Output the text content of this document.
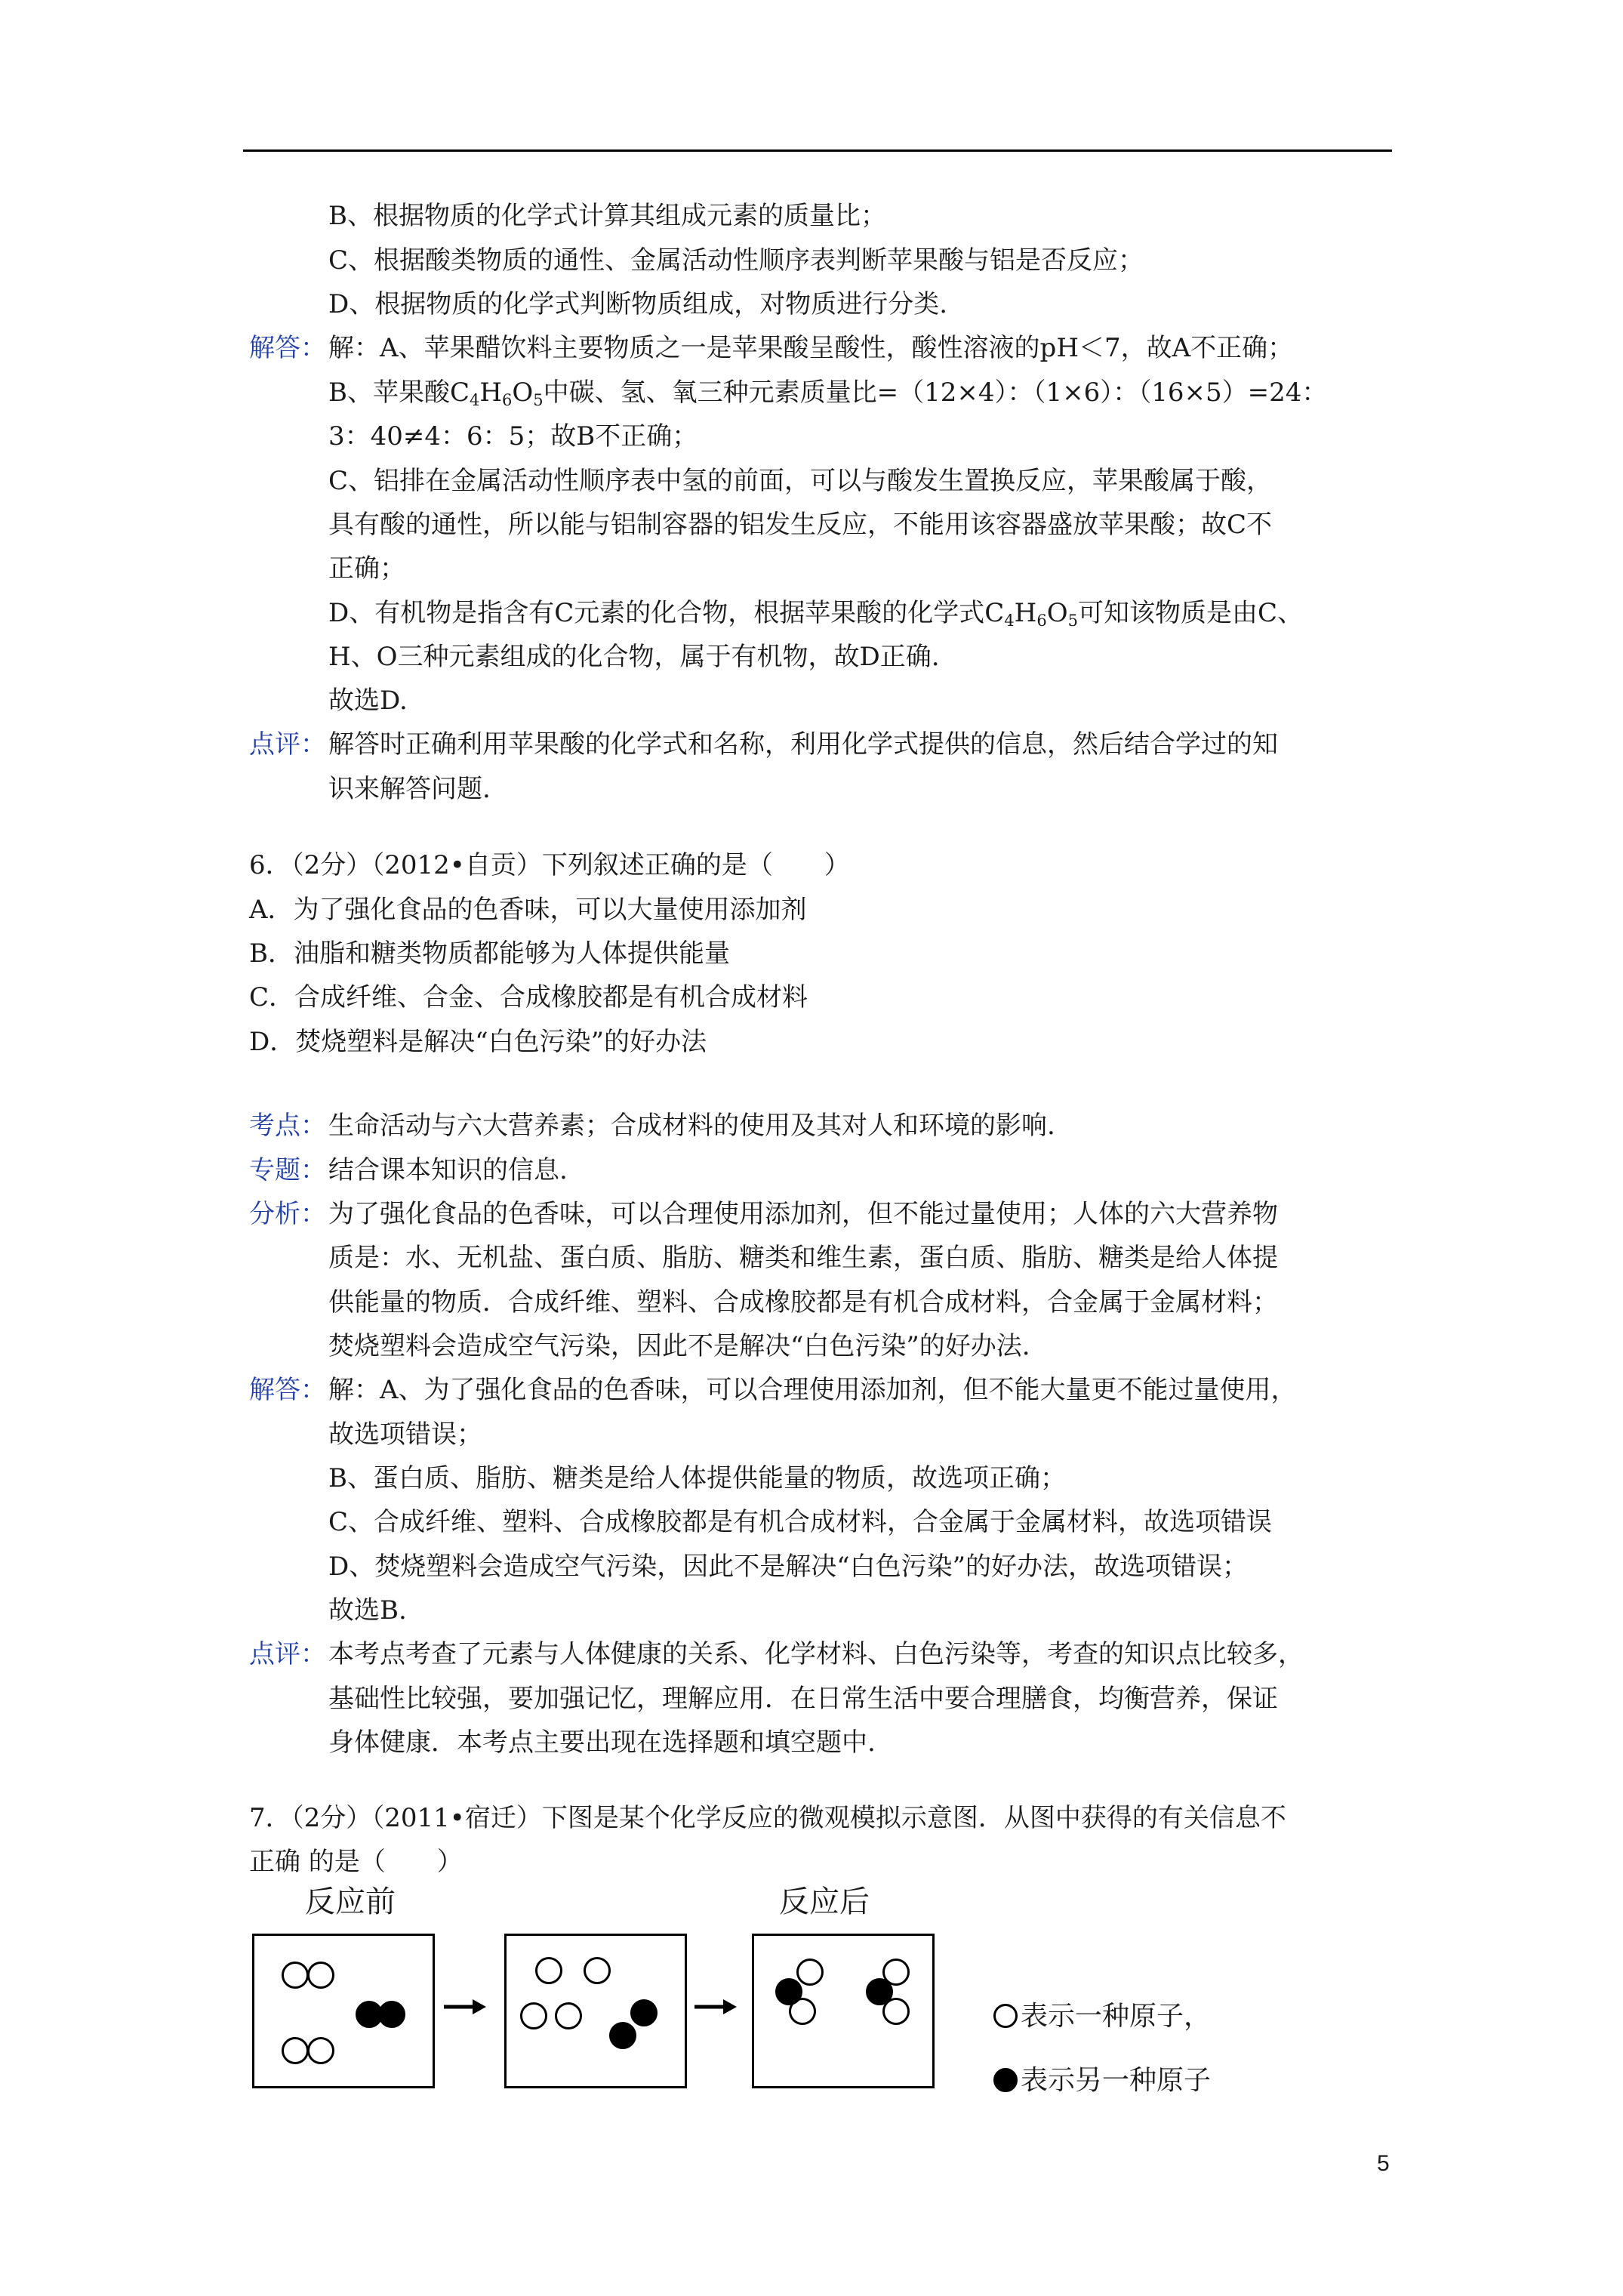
B、根据物质的化学式计算其组成元素的质量比；
C、根据酸类物质的通性、金属活动性顺序表判断苹果酸与铝是否反应；
D、根据物质的化学式判断物质组成，对物质进行分类.
解答： 解：A、苹果醋饮料主要物质之一是苹果酸呈酸性，酸性溶液的pH＜7，故A不正确；
B、苹果酸$C_4H_6O_5$中碳、氢、氧三种元素质量比=（12×4）：（1×6）：（16×5）=24：
3：40≠4：6：5；故B不正确；
C、铝排在金属活动性顺序表中氢的前面，可以与酸发生置换反应，苹果酸属于酸，
具有酸的通性，所以能与铝制容器的铝发生反应，不能用该容器盛放苹果酸；故C不
正确；
D、有机物是指含有C元素的化合物，根据苹果酸的化学式$C_4H_6O_5$可知该物质是由C、
H、O三种元素组成的化合物，属于有机物，故D正确.
故选D.
点评： 解答时正确利用苹果酸的化学式和名称，利用化学式提供的信息，然后结合学过的知
识来解答问题.
6．（2分）（2012•自贡）下列叙述正确的是（　　）
A．为了强化食品的色香味，可以大量使用添加剂
B．油脂和糖类物质都能够为人体提供能量
C．合成纤维、合金、合成橡胶都是有机合成材料
D．焚烧塑料是解决“白色污染”的好办法
考点： 生命活动与六大营养素；合成材料的使用及其对人和环境的影响.
专题： 结合课本知识的信息.
分析： 为了强化食品的色香味，可以合理使用添加剂，但不能过量使用；人体的六大营养物
质是：水、无机盐、蛋白质、脂肪、糖类和维生素，蛋白质、脂肪、糖类是给人体提
供能量的物质．合成纤维、塑料、合成橡胶都是有机合成材料，合金属于金属材料；
焚烧塑料会造成空气污染，因此不是解决“白色污染”的好办法.
解答： 解：A、为了强化食品的色香味，可以合理使用添加剂，但不能大量更不能过量使用，
故选项错误；
B、蛋白质、脂肪、糖类是给人体提供能量的物质，故选项正确；
C、合成纤维、塑料、合成橡胶都是有机合成材料，合金属于金属材料，故选项错误
D、焚烧塑料会造成空气污染，因此不是解决“白色污染”的好办法，故选项错误；
故选B.
点评： 本考点考查了元素与人体健康的关系、化学材料、白色污染等，考查的知识点比较多，
基础性比较强，要加强记忆，理解应用．在日常生活中要合理膳食，均衡营养，保证
身体健康．本考点主要出现在选择题和填空题中.
7．（2分）（2011•宿迁）下图是某个化学反应的微观模拟示意图．从图中获得的有关信息不
正确 的是（　　）
反应前	反应后
表示一种原子，
表示另一种原子
5
